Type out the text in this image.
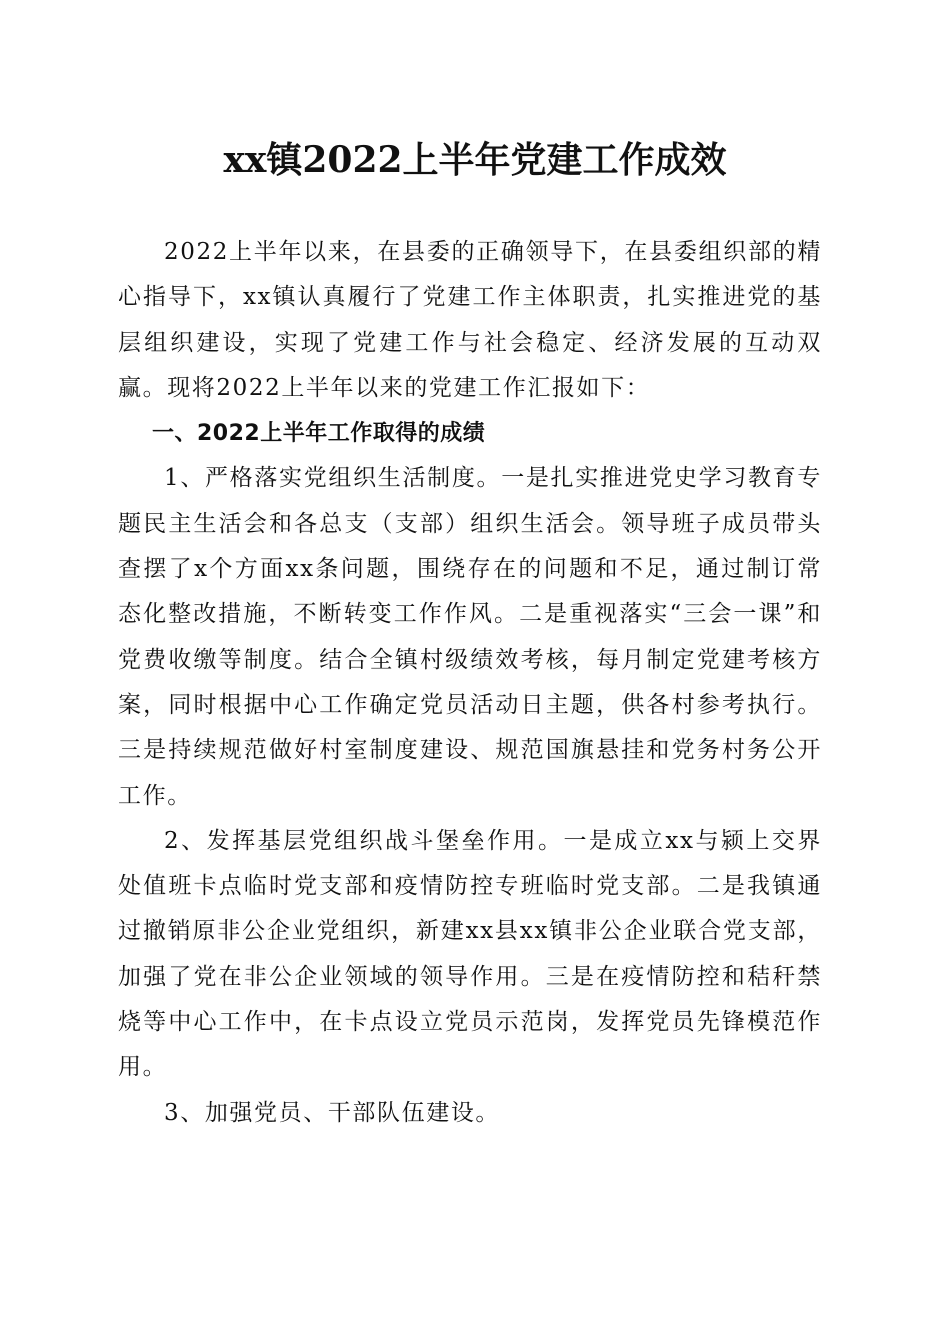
xx镇2022上半年党建工作成效

2022上半年以来，在县委的正确领导下，在县委组织部的精心指导下，xx镇认真履行了党建工作主体职责，扎实推进党的基层组织建设，实现了党建工作与社会稳定、经济发展的互动双赢。现将2022上半年以来的党建工作汇报如下：

一、2022上半年工作取得的成绩

1、严格落实党组织生活制度。一是扎实推进党史学习教育专题民主生活会和各总支（支部）组织生活会。领导班子成员带头查摆了x个方面xx条问题，围绕存在的问题和不足，通过制订常态化整改措施，不断转变工作作风。二是重视落实“三会一课”和党费收缴等制度。结合全镇村级绩效考核，每月制定党建考核方案，同时根据中心工作确定党员活动日主题，供各村参考执行。三是持续规范做好村室制度建设、规范国旗悬挂和党务村务公开工作。

2、发挥基层党组织战斗堡垒作用。一是成立xx与颍上交界处值班卡点临时党支部和疫情防控专班临时党支部。二是我镇通过撤销原非公企业党组织，新建xx县xx镇非公企业联合党支部，加强了党在非公企业领域的领导作用。三是在疫情防控和秸秆禁烧等中心工作中，在卡点设立党员示范岗，发挥党员先锋模范作用。

3、加强党员、干部队伍建设。
